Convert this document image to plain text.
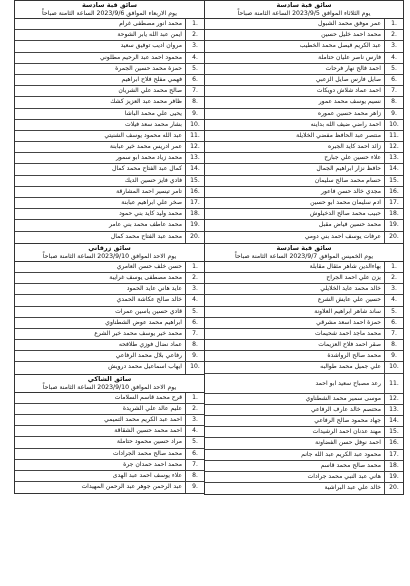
سائق قبة سادسة
يوم الاربعاء الموافق 2023/9/6 الساعة الثامنة صباحاً
1.
محمد انور مصطفى غرام
2.
ايمن عبد الله يابر الشوحة
3.
مروان اديب توفيق سعيد
4.
محمود احمد عبد الرحيم مطلوني
5.
حمزة محمد حسين الجمرة
6.
فهمي مفلح فلاح ابراهيم
7.
صالح محمد علي الشريان
8.
ظافر محمد عبد العزيز كشك
9.
يحيى علي محمد الباشا
10.
بشار محمد سعد فيلات
11.
عبد الله محمود يوسف الشنيتي
12.
عمر ادريس محمد خير عبابنة
13.
محمد زياد محمد ابو سمور
14.
كمال عبد الفتاح محمد كمال
15.
فادي فايز حسين الديك
16.
تامر تيسير احمد المشارقة
17.
صخر علي ابراهيم عبابنة
18.
محمد وليد كايد بني حمود
19.
محمد عاطف محمد بني عامر
20.
محمد عبد الفتاح محمد كمال
سائق زرقاني
يوم الاحد الموافق 2023/9/10 الساعة الثامنة صباحاً
1.
حسن خلف حسن العامري
2.
محمد مصطفى يوسف غرايبة
3.
عايد هاني عايد الحمود
4.
خالد صالح عكاشة الحمدي
5.
قادي حسين ياسين عمرات
6.
ابراهيم محمد عوض الشطناوي
7.
محمد خير يوسف محمد خير الشرع
8.
عماد نضال فوزي طلافحه
9.
رفاعي بلال محمد الرفاعي
10.
ايهاب اسماعيل محمد درويش
سائق الشاكي
يوم الاحد الموافق 2023/9/10 الساعة الثامنة صباحاً
1.
قرح محمد قاسم السلامات
2.
عليم عالد علي الشريدة
3.
احمد عبد الكريم محمد التميمي
4.
احمد محمد حسين الشقاقة
5.
مراد حسين محمود حتاملة
6.
محمد صالح محمد الجرادات
7.
محمد احمد حمدان جرة
8.
علاء يوسف احمد عبد الهدى
9.
عبد الرحمن جوهر عبد الرحمن المهيدات
سائق قبة سادسة
يوم الثلاثاء الموافق 2023/9/5 الساعة الثامنة صباحاً
1.
عمر موفق محمد الشبول
2.
محمد احمد خليل حسين
3.
عبد الكريم فيصل محمد الخطيب
4.
فارس ناصر عليان حتاملة
5.
احمد فالح نهار فرحات
6.
صايل فارس صايل الزعبي
7.
احمد عماد شلاش دويكات
8.
نسيم يوسف محمد عمور
9.
زاهر محمد حسين عموره
10.
احمد راضي ضيف الله بداينه
11.
منتصر عبد الحافظ مفضي الخلايلة
12.
زائد احمد كايد الجبره
13.
علاء حسين علي جبارح
14.
حافظ نزار ابراهيم الجمال
15.
حسام محمد صالح سليمان
16.
مجدي خالد حسن فاعور
17.
ادم سليمان محمد ابو حسين
18.
حبيب محمد صالح الدخيلوش
19.
محمد حسين فياض مقبل
20.
عرفات يوسف احمد بني دومي
سائق قبة سادسة
يوم الخميس الموافق 2023/9/7 الساعة الثامنة صباحاً
1.
بهاءالدين شاهر مثقال مقابلة
2.
يزن علي احمد الجراح
3.
خالد محمد عايد الخلايلي
4.
حسين علي عايش الشرع
5.
ساند شاهر ابراهيم العلاونة
6.
حمزة احمد اسعد مشرقي
7.
محمد ماجد احمد شحيمات
8.
صقر احمد فلاح العزيمات
9.
محمد صالح الرواشدة
10.
علي جميل محمد طوالبه
11.
رعد مصباح سعيد ابو احمد
12.
موسى سمير محمد الشطناوي
13.
محتصم خالد عارف الرفاعي
14.
جهاد محمود صالح الرفاعي
15.
مهند عدنان احمد الرشيدات
16.
احمد نوفل حسن الفضاونة
17.
محمود عبد الكريم عبد الله جانم
18.
محمد صالح محمد قاسم
19.
هاني عبد النبي محمد جرادات
20.
خالد علي عبد البراشية
